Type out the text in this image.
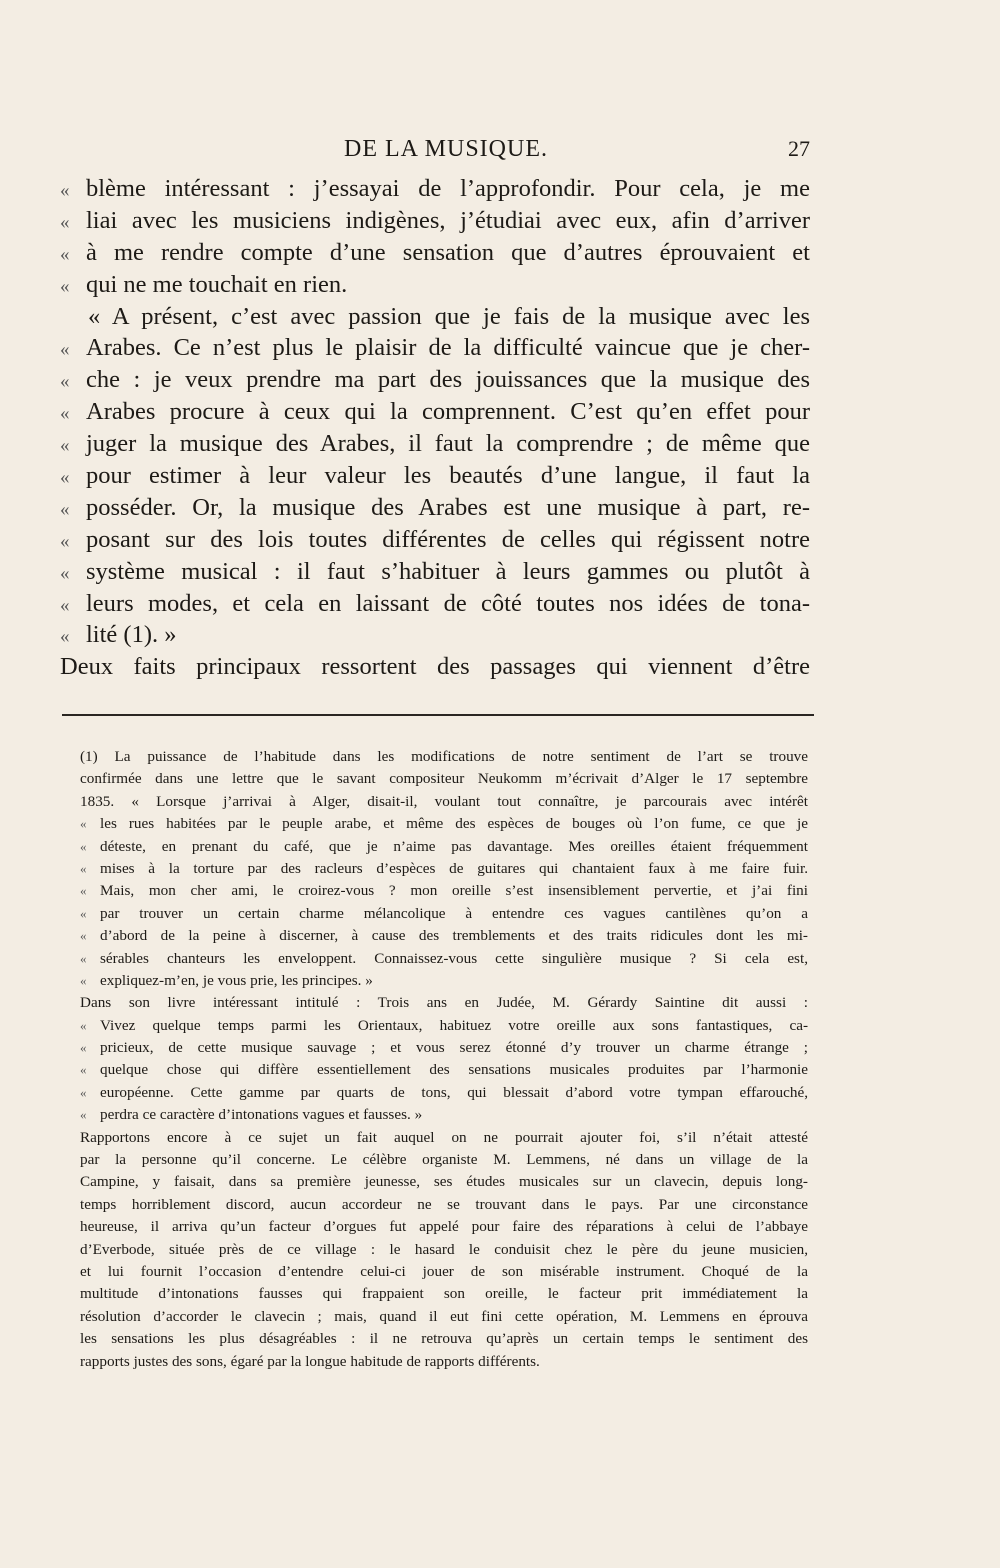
DE LA MUSIQUE.	27
« blème intéressant : j’essayai de l’approfondir. Pour cela, je me
« liai avec les musiciens indigènes, j’étudiai avec eux, afin d’arriver
« à me rendre compte d’une sensation que d’autres éprouvaient et
« qui ne me touchait en rien.
« A présent, c’est avec passion que je fais de la musique avec les
« Arabes. Ce n’est plus le plaisir de la difficulté vaincue que je cher-
« che : je veux prendre ma part des jouissances que la musique des
« Arabes procure à ceux qui la comprennent. C’est qu’en effet pour
« juger la musique des Arabes, il faut la comprendre ; de même que
« pour estimer à leur valeur les beautés d’une langue, il faut la
« posséder. Or, la musique des Arabes est une musique à part, re-
« posant sur des lois toutes différentes de celles qui régissent notre
« système musical : il faut s’habituer à leurs gammes ou plutôt à
« leurs modes, et cela en laissant de côté toutes nos idées de tona-
« lité (1). »
Deux faits principaux ressortent des passages qui viennent d’être
(1) La puissance de l’habitude dans les modifications de notre sentiment de l’art se trouve
confirmée dans une lettre que le savant compositeur Neukomm m’écrivait d’Alger le 17 septembre
1835. « Lorsque j’arrivai à Alger, disait-il, voulant tout connaître, je parcourais avec intérêt
« les rues habitées par le peuple arabe, et même des espèces de bouges où l’on fume, ce que je
« déteste, en prenant du café, que je n’aime pas davantage. Mes oreilles étaient fréquemment
« mises à la torture par des racleurs d’espèces de guitares qui chantaient faux à me faire fuir.
« Mais, mon cher ami, le croirez-vous ? mon oreille s’est insensiblement pervertie, et j’ai fini
« par trouver un certain charme mélancolique à entendre ces vagues cantilènes qu’on a
« d’abord de la peine à discerner, à cause des tremblements et des traits ridicules dont les mi-
« sérables chanteurs les enveloppent. Connaissez-vous cette singulière musique ? Si cela est,
« expliquez-m’en, je vous prie, les principes. »
Dans son livre intéressant intitulé : Trois ans en Judée, M. Gérardy Saintine dit aussi :
« Vivez quelque temps parmi les Orientaux, habituez votre oreille aux sons fantastiques, ca-
« pricieux, de cette musique sauvage ; et vous serez étonné d’y trouver un charme étrange ;
« quelque chose qui diffère essentiellement des sensations musicales produites par l’harmonie
« européenne. Cette gamme par quarts de tons, qui blessait d’abord votre tympan effarouché,
« perdra ce caractère d’intonations vagues et fausses. »
Rapportons encore à ce sujet un fait auquel on ne pourrait ajouter foi, s’il n’était attesté
par la personne qu’il concerne. Le célèbre organiste M. Lemmens, né dans un village de la
Campine, y faisait, dans sa première jeunesse, ses études musicales sur un clavecin, depuis long-
temps horriblement discord, aucun accordeur ne se trouvant dans le pays. Par une circonstance
heureuse, il arriva qu’un facteur d’orgues fut appelé pour faire des réparations à celui de l’abbaye
d’Everbode, située près de ce village : le hasard le conduisit chez le père du jeune musicien,
et lui fournit l’occasion d’entendre celui-ci jouer de son misérable instrument. Choqué de la
multitude d’intonations fausses qui frappaient son oreille, le facteur prit immédiatement la
résolution d’accorder le clavecin ; mais, quand il eut fini cette opération, M. Lemmens en éprouva
les sensations les plus désagréables : il ne retrouva qu’après un certain temps le sentiment des
rapports justes des sons, égaré par la longue habitude de rapports différents.
